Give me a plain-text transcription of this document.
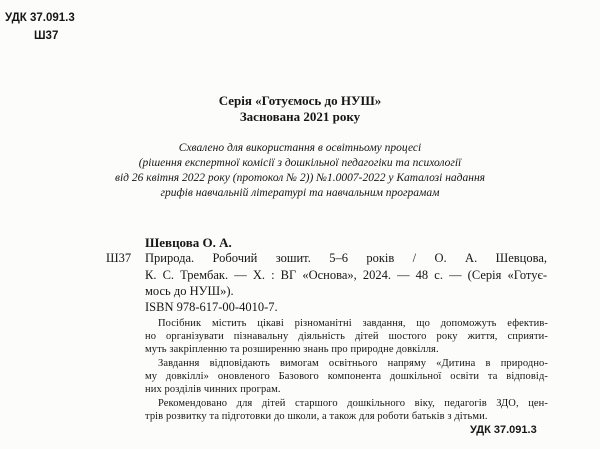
УДК 37.091.3
Ш37
Серія «Готуємось до НУШ»
Заснована 2021 року
Схвалено для використання в освітньому процесі
(рішення експертної комісії з дошкільної педагогіки та психології
від 26 квітня 2022 року (протокол № 2)) №1.0007-2022 у Каталозі надання
грифів навчальній літературі та навчальним програмам
Шевцова О. А.
Ш37 Природа. Робочий зошит. 5–6 років / О. А. Шевцова,
К. С. Трембак. — Х. : ВГ «Основа», 2024. — 48 с. — (Серія «Готує-
мось до НУШ»).
ISBN 978-617-00-4010-7.
Посібник містить цікаві різноманітні завдання, що допоможуть ефектив-
но організувати пізнавальну діяльність дітей шостого року життя, сприяти-
муть закріпленню та розширенню знань про природне довкілля.
Завдання відповідають вимогам освітнього напряму «Дитина в природно-
му довкіллі» оновленого Базового компонента дошкільної освіти та відповід-
них розділів чинних програм.
Рекомендовано для дітей старшого дошкільного віку, педагогів ЗДО, цен-
трів розвитку та підготовки до школи, а також для роботи батьків з дітьми.
УДК 37.091.3
